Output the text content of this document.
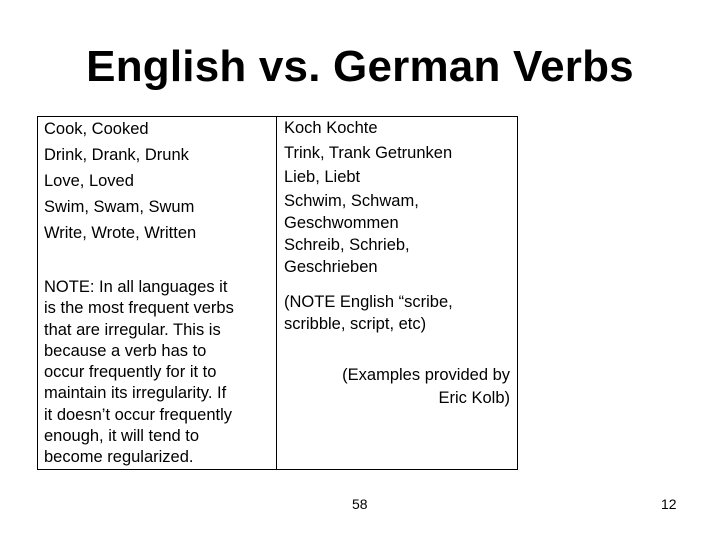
English vs. German Verbs
Cook, Cooked
Drink, Drank, Drunk
Love, Loved
Swim, Swam, Swum
Write, Wrote, Written
NOTE: In all languages it
is the most frequent verbs
that are irregular. This is
because a verb has to
occur frequently for it to
maintain its irregularity. If
it doesn’t occur frequently
enough, it will tend to
become regularized.
Koch Kochte
Trink, Trank Getrunken
Lieb, Liebt
Schwim, Schwam,
Geschwommen
Schreib, Schrieb,
Geschrieben
(NOTE English “scribe,
scribble, script, etc)
(Examples provided by
Eric Kolb)
58	12
